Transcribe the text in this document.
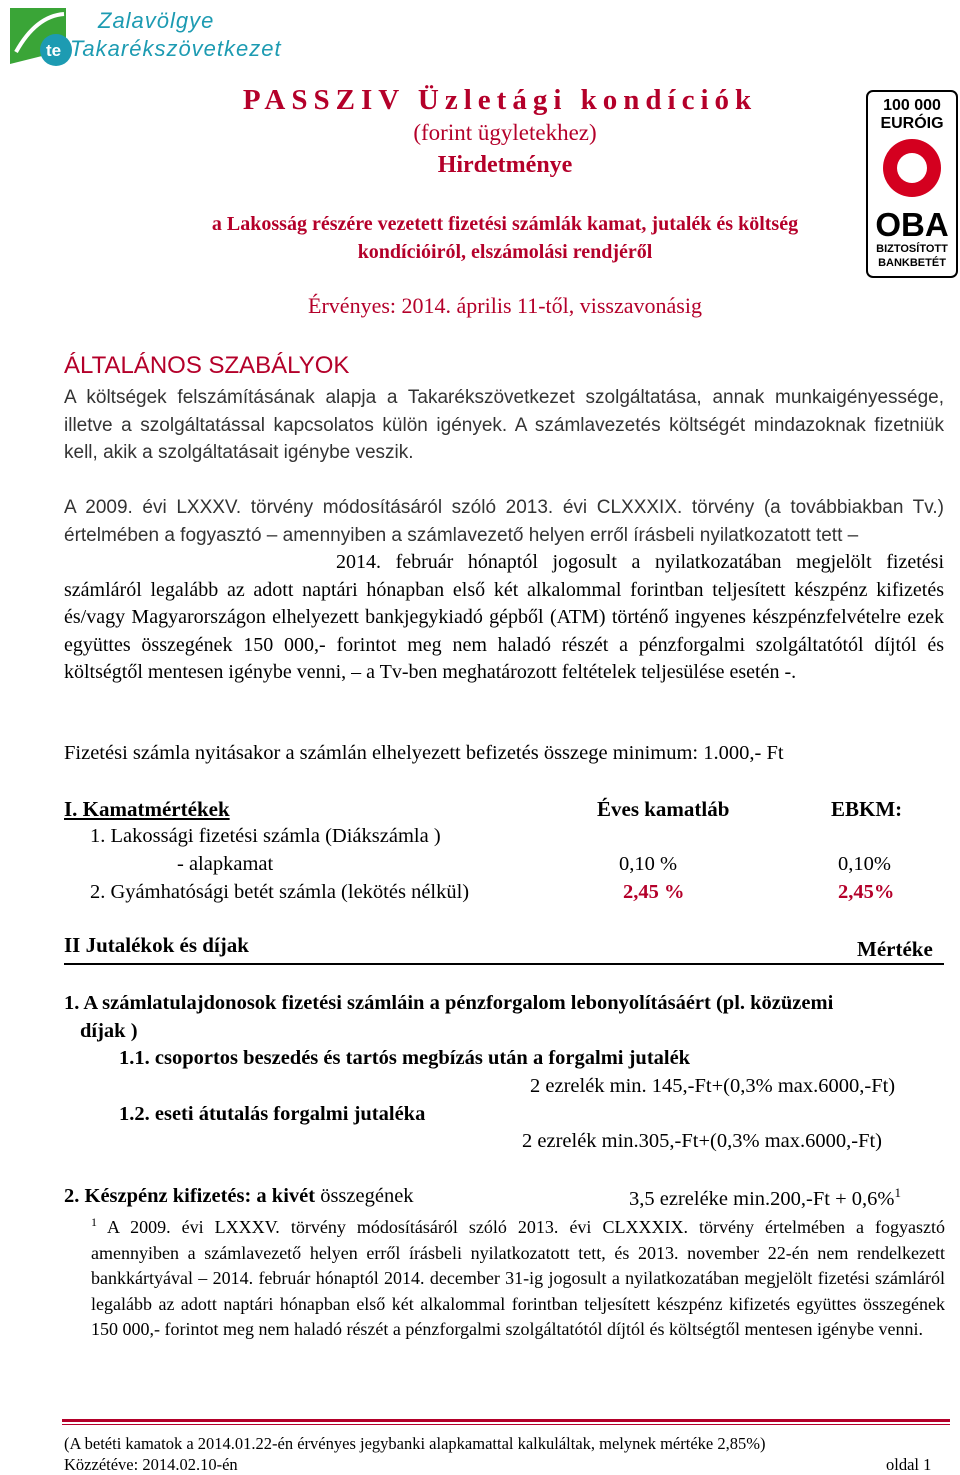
te
Zalavölgye
Takarékszövetkezet
100 000
EURÓIG
OBA
BIZTOSÍTOTT
BANKBETÉT
PASSZIV Üzletági kondíciók
(forint ügyletekhez)
Hirdetménye
a Lakosság részére vezetett fizetési számlák kamat, jutalék és költség kondícióiról, elszámolási rendjéről
Érvényes: 2014. április 11-től, visszavonásig
ÁLTALÁNOS SZABÁLYOK
A költségek felszámításának alapja a Takarékszövetkezet szolgáltatása, annak munkaigényessége, illetve a szolgáltatással kapcsolatos külön igények. A számlavezetés költségét mindazoknak fizetniük kell, akik a szolgáltatásait igénybe veszik.
A 2009. évi LXXXV. törvény módosításáról szóló 2013. évi CLXXXIX. törvény (a továbbiakban Tv.) értelmében a fogyasztó – amennyiben a számlavezető helyen erről írásbeli nyilatkozatott tett –
2014. február hónaptól jogosult a nyilatkozatában megjelölt fizetési számláról legalább az adott naptári hónapban első két alkalommal forintban teljesített készpénz kifizetés és/vagy Magyarországon elhelyezett bankjegykiadó gépből (ATM) történő ingyenes készpénzfelvételre ezek együttes összegének 150 000,- forintot meg nem haladó részét a pénzforgalmi szolgáltatótól díjtól és költségtől mentesen igénybe venni, – a Tv-ben meghatározott feltételek teljesülése esetén -.
Fizetési számla nyitásakor a számlán elhelyezett befizetés összege minimum: 1.000,- Ft
I. Kamatmértékek	Éves kamatláb	EBKM:
1. Lakossági fizetési számla (Diákszámla )
- alapkamat	0,10 %	0,10%
2. Gyámhatósági betét számla (lekötés nélkül)	2,45 %	2,45%
II Jutalékok és díjak	Mértéke
1. A számlatulajdonosok fizetési számláin a pénzforgalom lebonyolításáért (pl. közüzemi
díjak )
1.1. csoportos beszedés és tartós megbízás után a forgalmi jutalék
2 ezrelék min. 145,-Ft+(0,3% max.6000,-Ft)
1.2. eseti átutalás forgalmi jutaléka
2 ezrelék min.305,-Ft+(0,3% max.6000,-Ft)
2. Készpénz kifizetés: a kivét összegének	3,5 ezreléke min.200,-Ft + 0,6%$^1$
$^1$ A 2009. évi LXXXV. törvény módosításáról szóló 2013. évi CLXXXIX. törvény értelmében a fogyasztó amennyiben a számlavezető helyen erről írásbeli nyilatkozatott tett, és 2013. november 22-én nem rendelkezett bankkártyával – 2014. február hónaptól 2014. december 31-ig jogosult a nyilatkozatában megjelölt fizetési számláról legalább az adott naptári hónapban első két alkalommal forintban teljesített készpénz kifizetés együttes összegének 150 000,- forintot meg nem haladó részét a pénzforgalmi szolgáltatótól díjtól és költségtől mentesen igénybe venni.
(A betéti kamatok a 2014.01.22-én érvényes jegybanki alapkamattal kalkuláltak, melynek mértéke 2,85%)
Közzétéve: 2014.02.10-én	oldal 1
